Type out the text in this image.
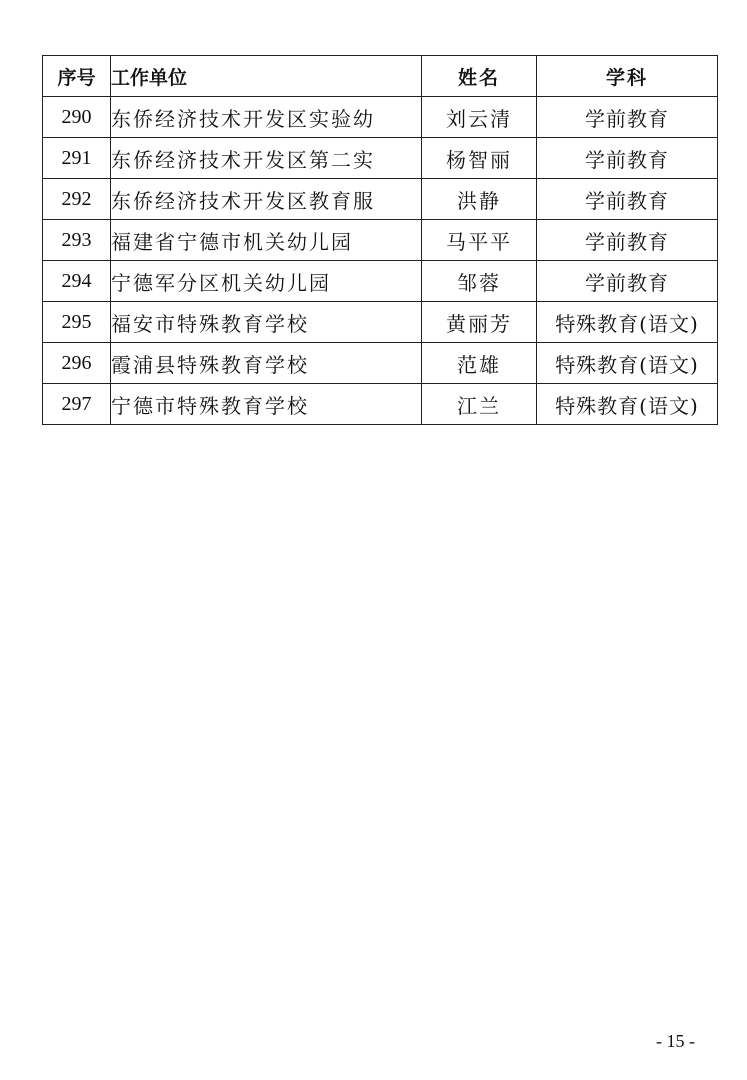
序号	工作单位	姓名	学科
290	东侨经济技术开发区实验幼	刘云清	学前教育
291	东侨经济技术开发区第二实	杨智丽	学前教育
292	东侨经济技术开发区教育服	洪静	学前教育
293	福建省宁德市机关幼儿园	马平平	学前教育
294	宁德军分区机关幼儿园	邹蓉	学前教育
295	福安市特殊教育学校	黄丽芳	特殊教育(语文)
296	霞浦县特殊教育学校	范雄	特殊教育(语文)
297	宁德市特殊教育学校	江兰	特殊教育(语文)
- 15 -
